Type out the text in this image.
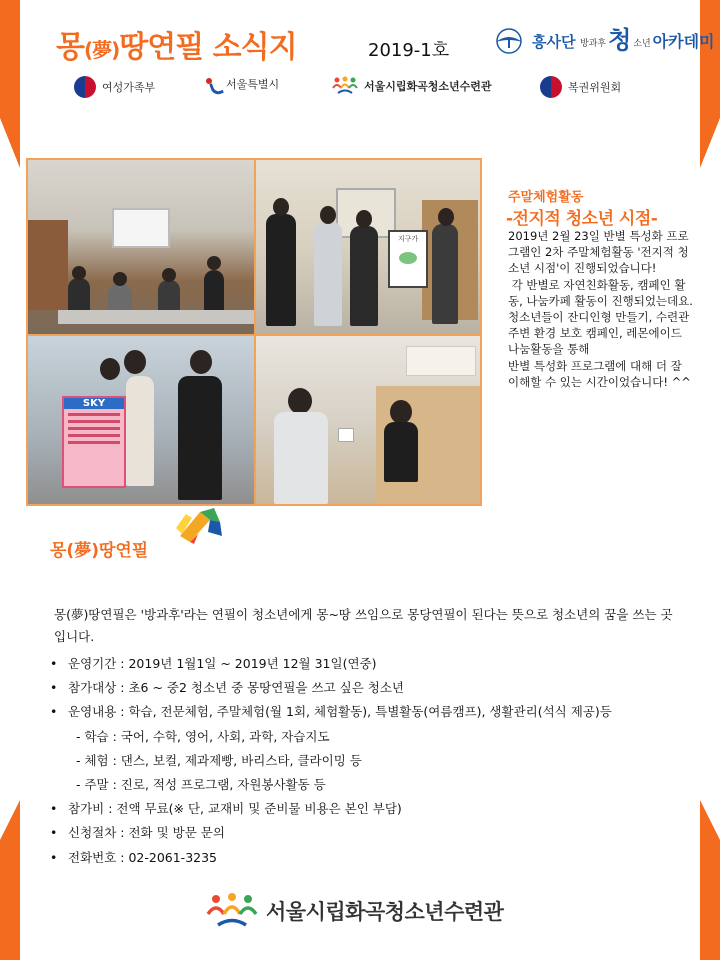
몽(夢)땅연필 소식지	2019-1호	흥사단 방과후 청 소년 아카데미
여성가족부	서울특별시	서울시립화곡청소년수련관	복권위원회
지구가
SKY
주말체험활동
-전지적 청소년 시점-
2019년 2월 23일 반별 특성화 프로그램인 2차 주말체험활동 '전지적 청소년 시점'이 진행되었습니다!
각 반별로 자연친화활동, 캠페인 활동, 나눔카페 활동이 진행되었는데요.
청소년들이 잔디인형 만들기, 수련관 주변 환경 보호 캠페인, 레몬에이드 나눔활동을 통해
반별 특성화 프로그램에 대해 더 잘 이해할 수 있는 시간이었습니다! ^^
몽(夢)땅연필
몽(夢)땅연필은 '방과후'라는 연필이 청소년에게 몽~땅 쓰임으로 몽당연필이 된다는 뜻으로 청소년의 꿈을 쓰는 곳입니다.
• 운영기간 : 2019년 1월1일 ~ 2019년 12월 31일(연중)
• 참가대상 : 초6 ~ 중2 청소년 중 몽땅연필을 쓰고 싶은 청소년
• 운영내용 : 학습, 전문체험, 주말체험(월 1회, 체험활동), 특별활동(여름캠프), 생활관리(석식 제공)등
- 학습 : 국어, 수학, 영어, 사회, 과학, 자습지도
- 체험 : 댄스, 보컬, 제과제빵, 바리스타, 클라이밍 등
- 주말 : 진로, 적성 프로그램, 자원봉사활동 등
• 참가비 : 전액 무료(※ 단, 교재비 및 준비물 비용은 본인 부담)
• 신청절차 : 전화 및 방문 문의
• 전화번호 : 02-2061-3235
서울시립화곡청소년수련관
